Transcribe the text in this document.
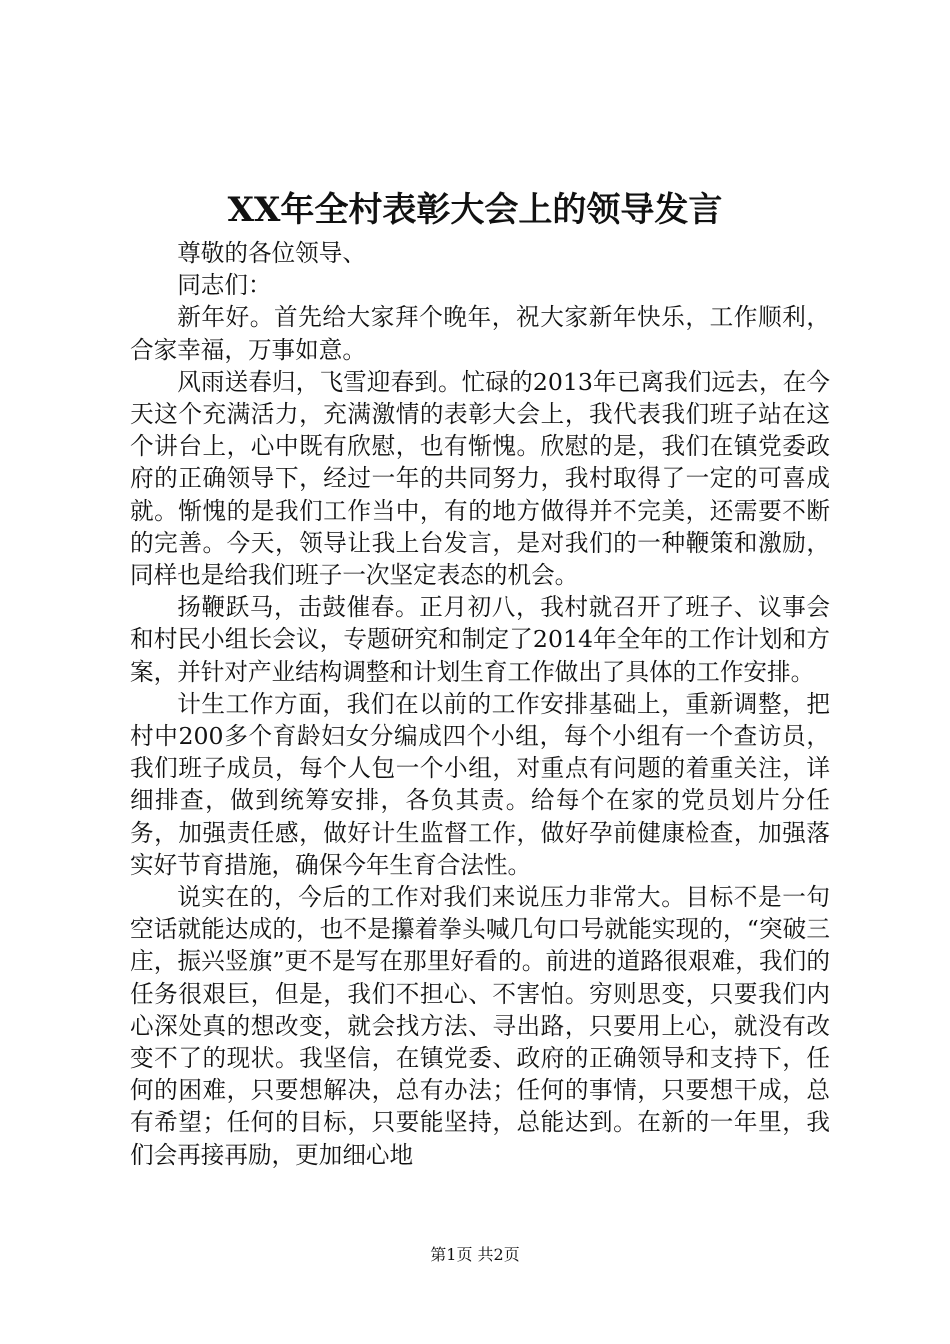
XX年全村表彰大会上的领导发言

尊敬的各位领导、

同志们：

新年好。首先给大家拜个晚年，祝大家新年快乐，工作顺利，合家幸福，万事如意。

风雨送春归，飞雪迎春到。忙碌的2013年已离我们远去，在今天这个充满活力，充满激情的表彰大会上，我代表我们班子站在这个讲台上，心中既有欣慰，也有惭愧。欣慰的是，我们在镇党委政府的正确领导下，经过一年的共同努力，我村取得了一定的可喜成就。惭愧的是我们工作当中，有的地方做得并不完美，还需要不断的完善。今天，领导让我上台发言，是对我们的一种鞭策和激励，同样也是给我们班子一次坚定表态的机会。

扬鞭跃马，击鼓催春。正月初八，我村就召开了班子、议事会和村民小组长会议，专题研究和制定了2014年全年的工作计划和方案，并针对产业结构调整和计划生育工作做出了具体的工作安排。

计生工作方面，我们在以前的工作安排基础上，重新调整，把村中200多个育龄妇女分编成四个小组，每个小组有一个查访员，我们班子成员，每个人包一个小组，对重点有问题的着重关注，详细排查，做到统筹安排，各负其责。给每个在家的党员划片分任务，加强责任感，做好计生监督工作，做好孕前健康检查，加强落实好节育措施，确保今年生育合法性。

说实在的，今后的工作对我们来说压力非常大。目标不是一句空话就能达成的，也不是攥着拳头喊几句口号就能实现的，“突破三庄，振兴竖旗”更不是写在那里好看的。前进的道路很艰难，我们的任务很艰巨，但是，我们不担心、不害怕。穷则思变，只要我们内心深处真的想改变，就会找方法、寻出路，只要用上心，就没有改变不了的现状。我坚信，在镇党委、政府的正确领导和支持下，任何的困难，只要想解决，总有办法；任何的事情，只要想干成，总有希望；任何的目标，只要能坚持，总能达到。在新的一年里，我们会再接再励，更加细心地

第1页 共2页
